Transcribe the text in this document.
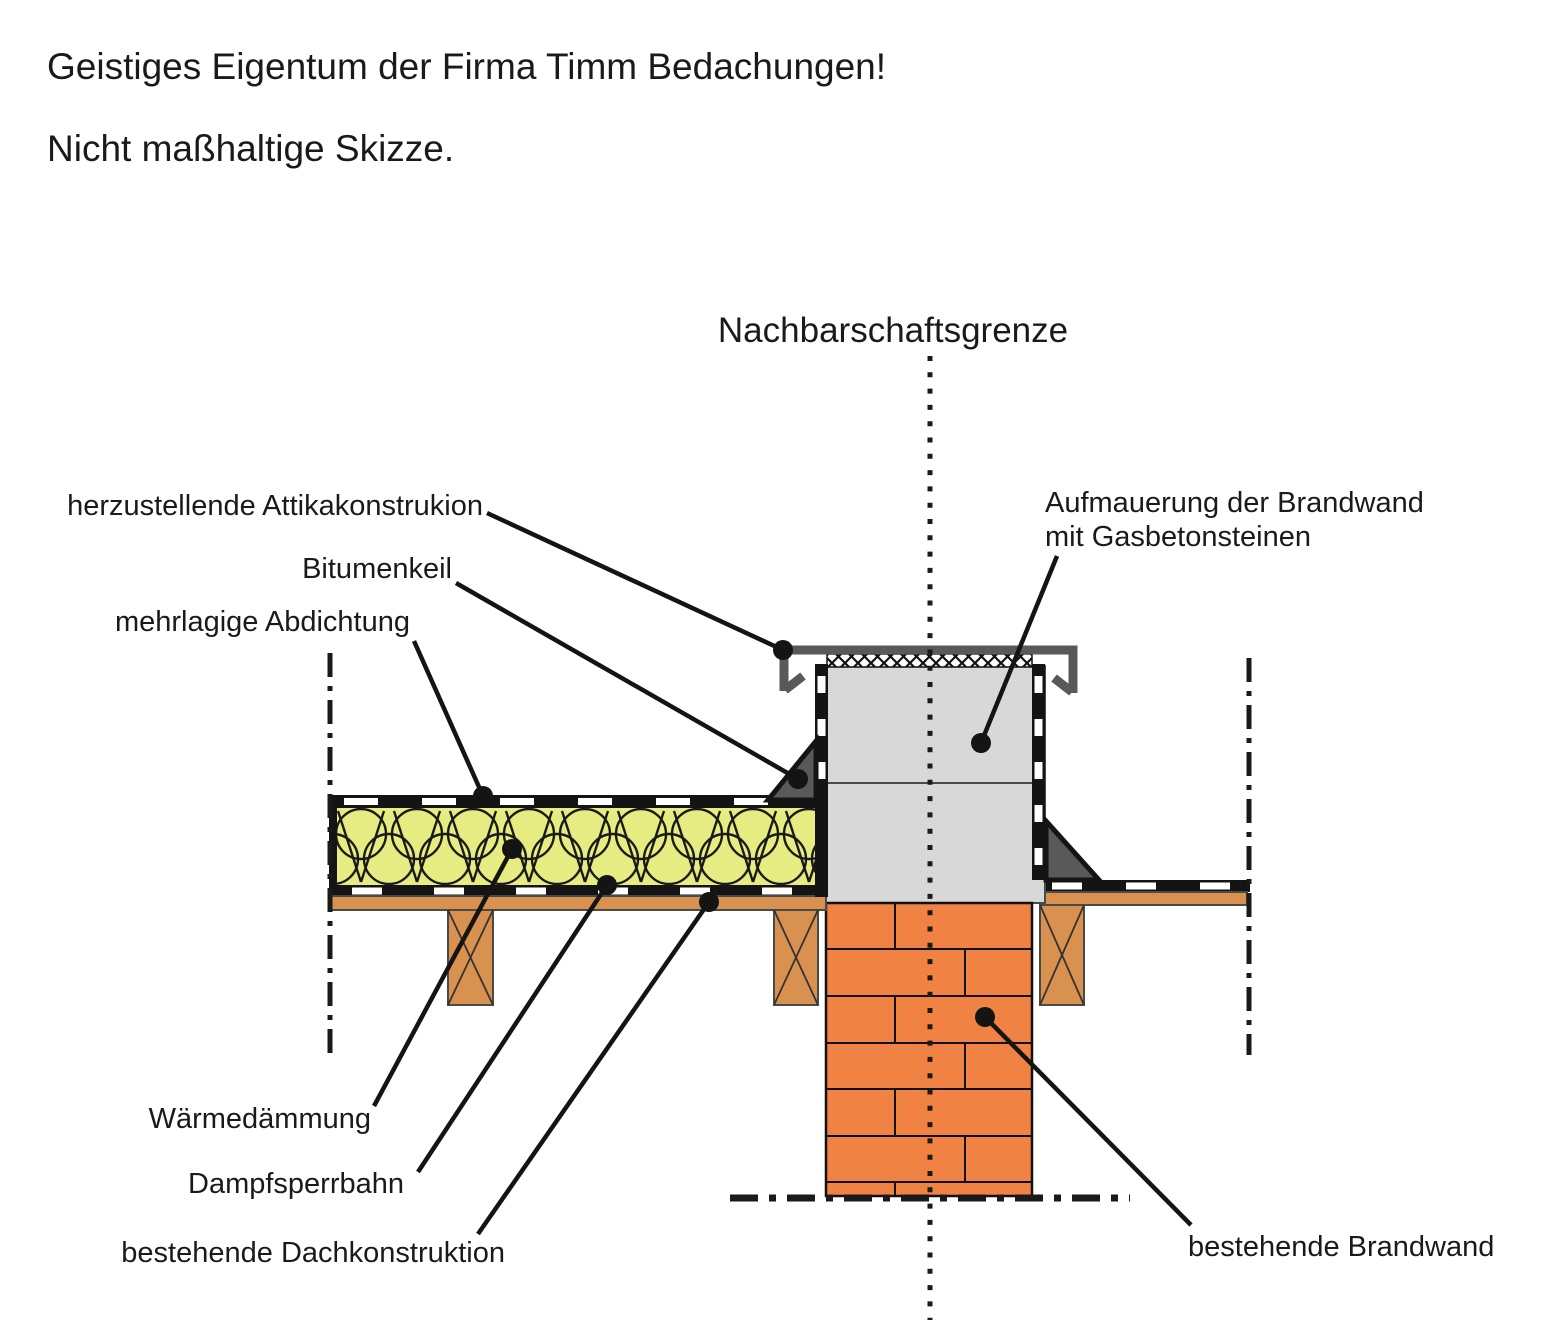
Geistiges Eigentum der Firma Timm Bedachungen!
Nicht maßhaltige Skizze.
Nachbarschaftsgrenze
herzustellende Attikakonstrukion
Bitumenkeil
mehrlagige Abdichtung
Aufmauerung der Brandwand
mit Gasbetonsteinen
Wärmedämmung
Dampfsperrbahn
bestehende Dachkonstruktion	bestehende Brandwand
